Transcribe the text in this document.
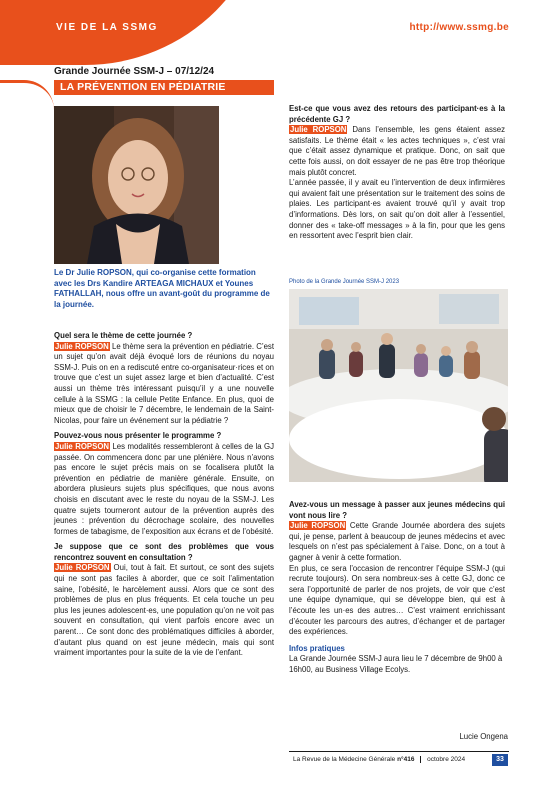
VIE DE LA SSMG	http://www.ssmg.be
Grande Journée SSM-J – 07/12/24
LA PRÉVENTION EN PÉDIATRIE
Le Dr Julie ROPSON, qui co-organise cette formation avec les Drs Kandire ARTEAGA MICHAUX et Younes FATHALLAH, nous offre un avant-goût du programme de la journée.

Quel sera le thème de cette journée ?

Julie ROPSON Le thème sera la prévention en pédiatrie. C’est un sujet qu’on avait déjà évoqué lors de réunions du noyau SSM-J. Puis on en a rediscuté entre co-organisateur·rices et on trouve que c’est un sujet assez large et bien d’actualité. C’est aussi un thème très intéressant puisqu’il y a une nouvelle cellule à la SSMG : la cellule Petite Enfance. En plus, quoi de mieux que de choisir le 7 décembre, le lendemain de la Saint-Nicolas, pour faire un événement sur la pédiatrie ?

Pouvez-vous nous présenter le programme ?

Julie ROPSON Les modalités ressembleront à celles de la GJ passée. On commencera donc par une plénière. Nous n’avons pas encore le sujet précis mais on se focalisera plutôt la prévention en pédiatrie de manière générale. Ensuite, on abordera plusieurs sujets plus spécifiques, que nous avons choisis en discutant avec le reste du noyau de la SSM-J. Les quatre sujets tourneront autour de la prévention auprès des jeunes : prévention du décrochage scolaire, des nouvelles formes de tabagisme, de l’exposition aux écrans et de l’obésité.

Je suppose que ce sont des problèmes que vous rencontrez souvent en consultation ?

Julie ROPSON Oui, tout à fait. Et surtout, ce sont des sujets qui ne sont pas faciles à aborder, que ce soit l’alimentation saine, l’obésité, le harcèlement aussi. Alors que ce sont des problèmes de plus en plus fréquents. Et cela touche un peu plus les jeunes adolescent·es, une population qu’on ne voit pas souvent en consultation, qui vient parfois encore avec un parent… Ce sont donc des problématiques difficiles à aborder, d’autant plus quand on est jeune médecin, mais qui sont vraiment importantes pour la suite de la vie de l’enfant.

Est-ce que vous avez des retours des participant·es à la précédente GJ ?

Julie ROPSON Dans l’ensemble, les gens étaient assez satisfaits. Le thème était « les actes techniques », c’est vrai que c’était assez dynamique et pratique. Donc, on sait que cette fois aussi, on doit essayer de ne pas être trop théorique mais plutôt concret.

L’année passée, il y avait eu l’intervention de deux infirmières qui avaient fait une présentation sur le traitement des soins de plaies. Les participant·es avaient trouvé qu’il y avait trop d’informations. Dès lors, on sait qu’on doit aller à l’essentiel, donner des « take-off messages » à la fin, pour que les gens en ressortent avec l’esprit bien clair.

Photo de la Grande Journée SSM-J 2023

Avez-vous un message à passer aux jeunes médecins qui vont nous lire ?

Julie ROPSON Cette Grande Journée abordera des sujets qui, je pense, parlent à beaucoup de jeunes médecins et avec lesquels on n’est pas spécialement à l’aise. Donc, on a tout à gagner à venir à cette formation.

En plus, ce sera l’occasion de rencontrer l’équipe SSM-J (qui recrute toujours). On sera nombreux·ses à cette GJ, donc ce sera l’opportunité de parler de nos projets, de voir que c’est une équipe dynamique, qui se développe bien, qui est à l’écoute les un·es des autres… C’est vraiment enrichissant d’écouter les parcours des autres, d’échanger et de partager des expériences.

Infos pratiques

La Grande Journée SSM-J aura lieu le 7 décembre de 9h00 à 16h00, au Business Village Ecolys.

Lucie Ongena
La Revue de la Médecine Générale n°416 octobre 2024	33
